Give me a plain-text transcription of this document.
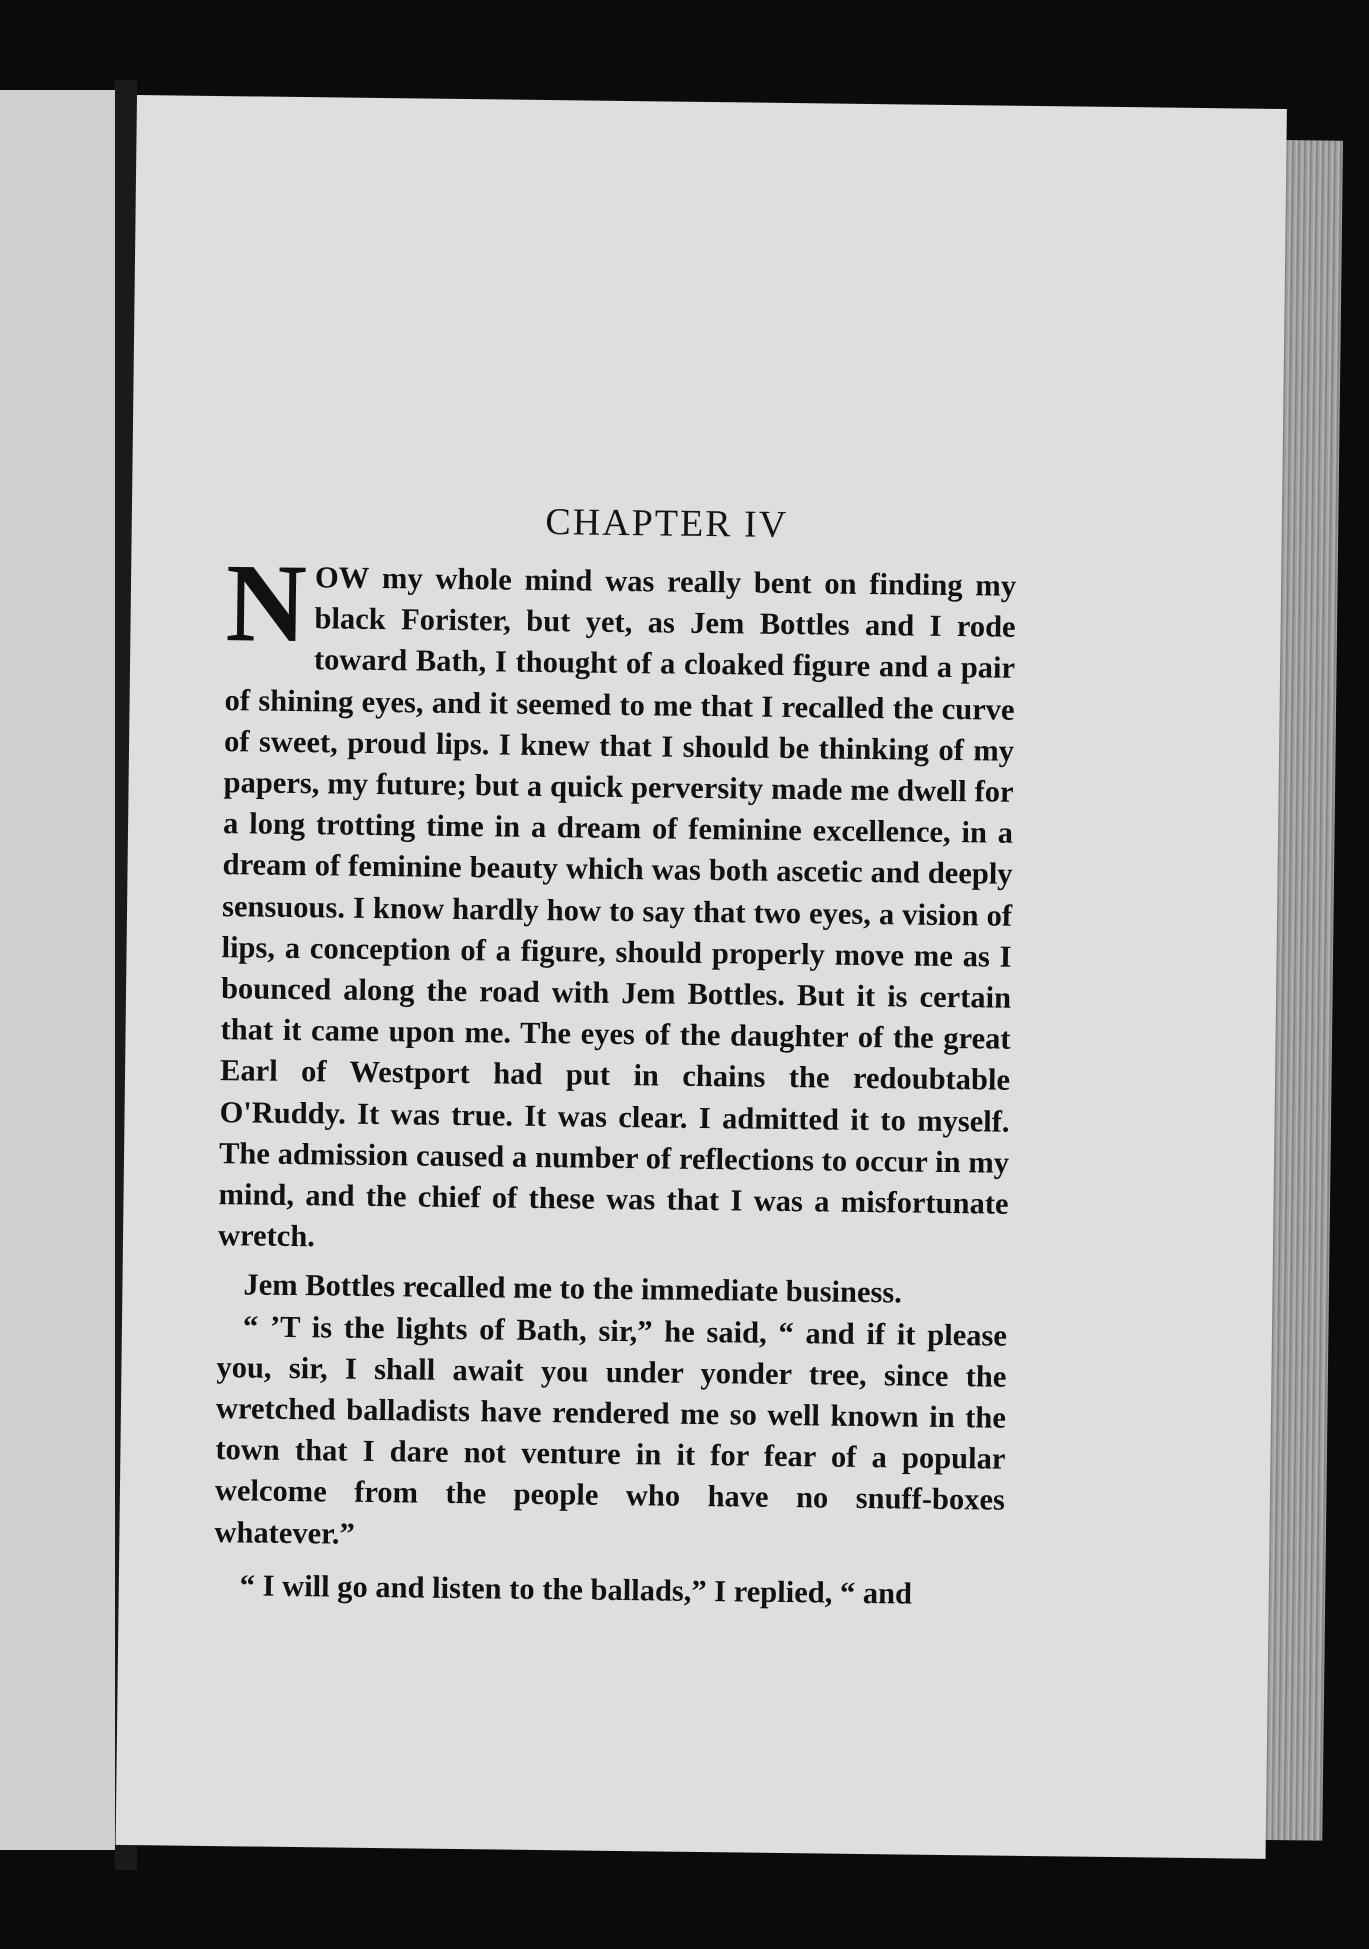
CHAPTER IV

NOW my whole mind was really bent on finding my black Forister, but yet, as Jem Bottles and I rode toward Bath, I thought of a cloaked figure and a pair of shining eyes, and it seemed to me that I recalled the curve of sweet, proud lips. I knew that I should be thinking of my papers, my future; but a quick perversity made me dwell for a long trotting time in a dream of feminine excellence, in a dream of feminine beauty which was both ascetic and deeply sensuous. I know hardly how to say that two eyes, a vision of lips, a conception of a figure, should properly move me as I bounced along the road with Jem Bottles. But it is certain that it came upon me. The eyes of the daughter of the great Earl of Westport had put in chains the redoubtable O'Ruddy. It was true. It was clear. I admitted it to myself. The admission caused a number of reflections to occur in my mind, and the chief of these was that I was a misfortunate wretch.

Jem Bottles recalled me to the immediate business.

“ ’T is the lights of Bath, sir,” he said, “ and if it please you, sir, I shall await you under yonder tree, since the wretched balladists have rendered me so well known in the town that I dare not venture in it for fear of a popular welcome from the people who have no snuff-boxes whatever.”

“ I will go and listen to the ballads,” I replied, “ and
